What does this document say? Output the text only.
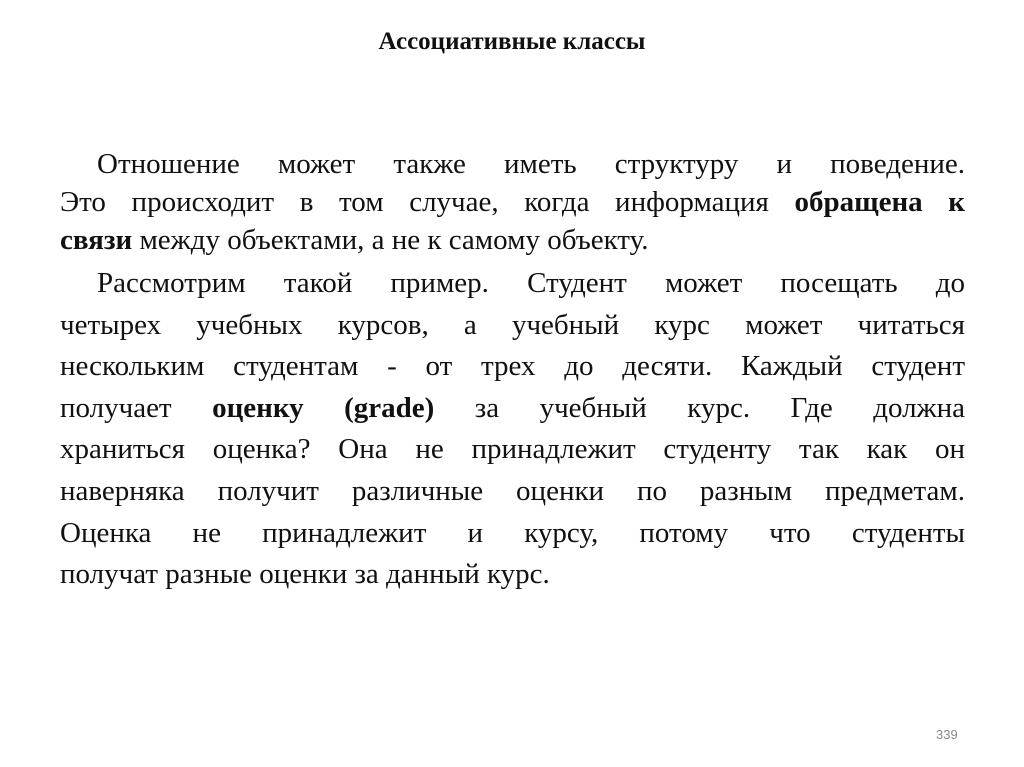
Ассоциативные классы
Отношение может также иметь структуру и поведение.
Это происходит в том случае, когда информация обращена к
связи между объектами, а не к самому объекту.
Рассмотрим такой пример. Студент может посещать до
четырех учебных курсов, а учебный курс может читаться
нескольким студентам - от трех до десяти. Каждый студент
получает оценку (grade) за учебный курс. Где должна
храниться оценка? Она не принадлежит студенту так как он
наверняка получит различные оценки по разным предметам.
Оценка не принадлежит и курсу, потому что студенты
получат разные оценки за данный курс.
339
